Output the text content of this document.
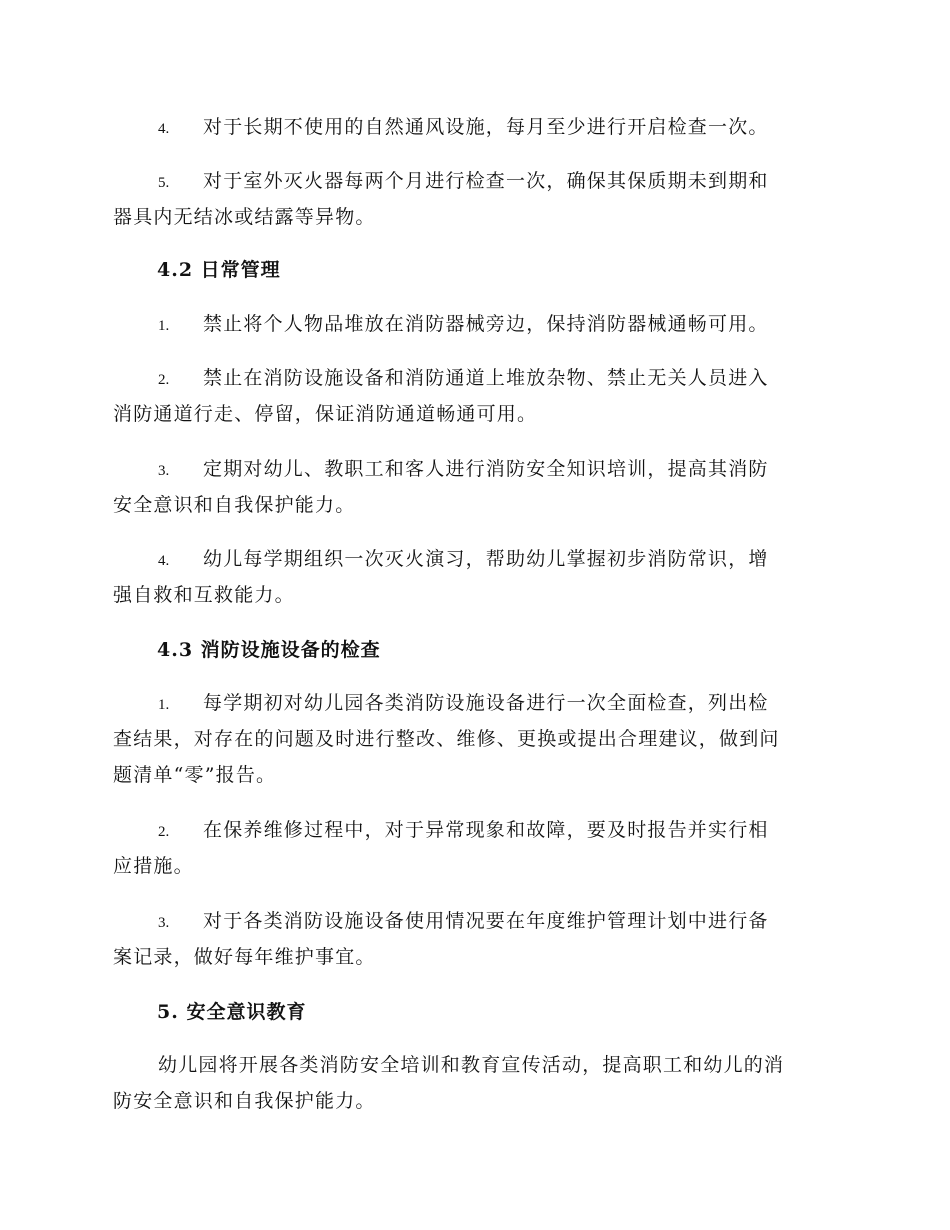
4. 对于长期不使用的自然通风设施，每月至少进行开启检查一次。
5. 对于室外灭火器每两个月进行检查一次，确保其保质期未到期和
器具内无结冰或结露等异物。
4.2 日常管理
1. 禁止将个人物品堆放在消防器械旁边，保持消防器械通畅可用。
2. 禁止在消防设施设备和消防通道上堆放杂物、禁止无关人员进入
消防通道行走、停留，保证消防通道畅通可用。
3. 定期对幼儿、教职工和客人进行消防安全知识培训，提高其消防
安全意识和自我保护能力。
4. 幼儿每学期组织一次灭火演习，帮助幼儿掌握初步消防常识，增
强自救和互救能力。
4.3 消防设施设备的检查
1. 每学期初对幼儿园各类消防设施设备进行一次全面检查，列出检
查结果，对存在的问题及时进行整改、维修、更换或提出合理建议，做到问
题清单“零”报告。
2. 在保养维修过程中，对于异常现象和故障，要及时报告并实行相
应措施。
3. 对于各类消防设施设备使用情况要在年度维护管理计划中进行备
案记录，做好每年维护事宜。
5. 安全意识教育
幼儿园将开展各类消防安全培训和教育宣传活动，提高职工和幼儿的消
防安全意识和自我保护能力。
